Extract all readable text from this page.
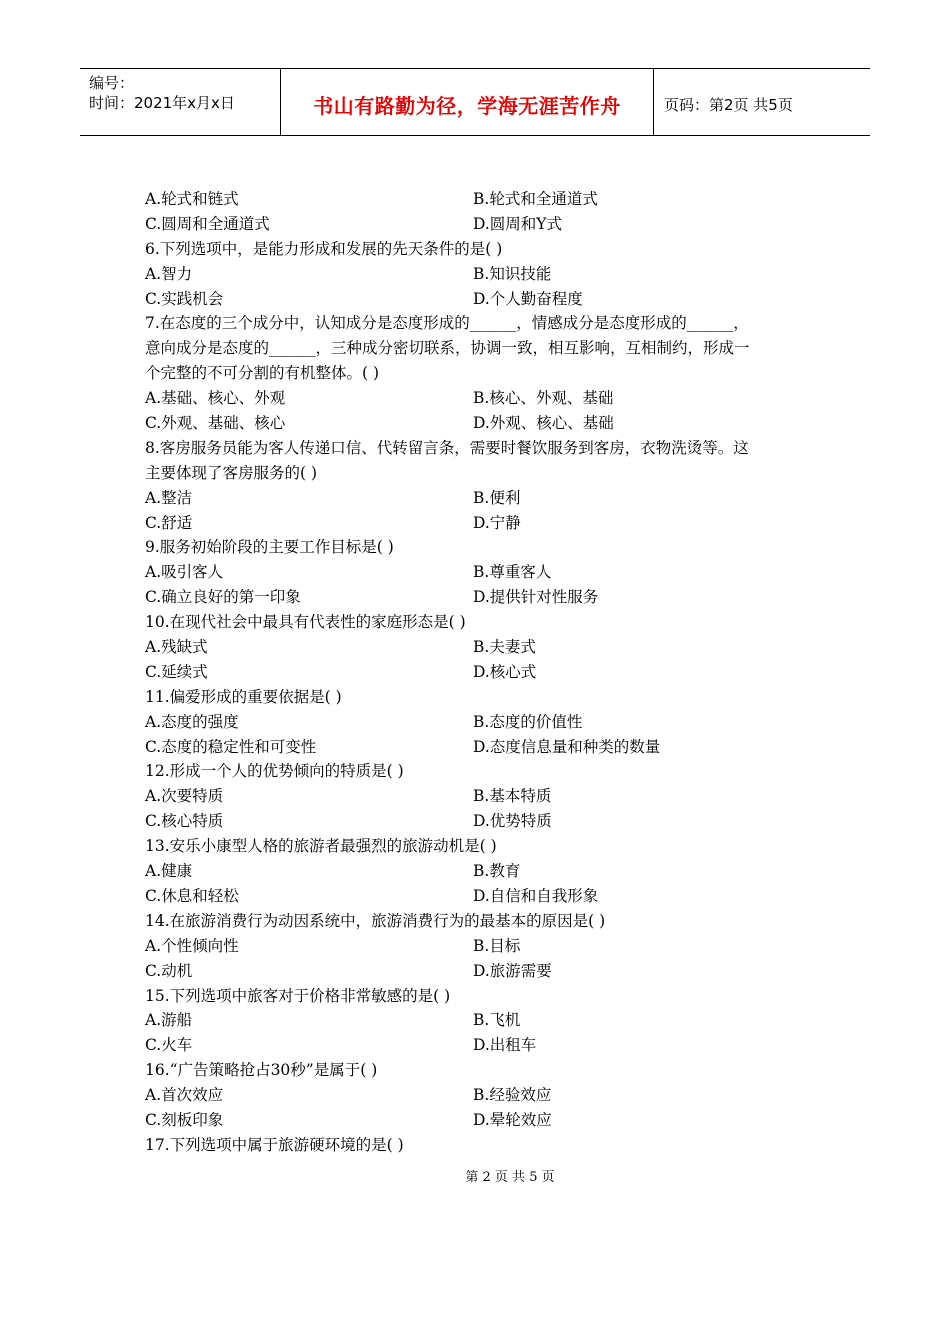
编号：
时间：2021年x月x日	书山有路勤为径，学海无涯苦作舟	页码：第2页 共5页
A.轮式和链式	B.轮式和全通道式
C.圆周和全通道式	D.圆周和Y式
6.下列选项中，是能力形成和发展的先天条件的是( )
A.智力	B.知识技能
C.实践机会	D.个人勤奋程度
7.在态度的三个成分中，认知成分是态度形成的______，情感成分是态度形成的______，
意向成分是态度的______，三种成分密切联系，协调一致，相互影响，互相制约，形成一
个完整的不可分割的有机整体。( )
A.基础、核心、外观	B.核心、外观、基础
C.外观、基础、核心	D.外观、核心、基础
8.客房服务员能为客人传递口信、代转留言条，需要时餐饮服务到客房，衣物洗烫等。这
主要体现了客房服务的( )
A.整洁	B.便利
C.舒适	D.宁静
9.服务初始阶段的主要工作目标是( )
A.吸引客人	B.尊重客人
C.确立良好的第一印象	D.提供针对性服务
10.在现代社会中最具有代表性的家庭形态是( )
A.残缺式	B.夫妻式
C.延续式	D.核心式
11.偏爱形成的重要依据是( )
A.态度的强度	B.态度的价值性
C.态度的稳定性和可变性	D.态度信息量和种类的数量
12.形成一个人的优势倾向的特质是( )
A.次要特质	B.基本特质
C.核心特质	D.优势特质
13.安乐小康型人格的旅游者最强烈的旅游动机是( )
A.健康	B.教育
C.休息和轻松	D.自信和自我形象
14.在旅游消费行为动因系统中，旅游消费行为的最基本的原因是( )
A.个性倾向性	B.目标
C.动机	D.旅游需要
15.下列选项中旅客对于价格非常敏感的是( )
A.游船	B.飞机
C.火车	D.出租车
16.“广告策略抢占30秒”是属于( )
A.首次效应	B.经验效应
C.刻板印象	D.晕轮效应
17.下列选项中属于旅游硬环境的是( )
第 2 页 共 5 页
